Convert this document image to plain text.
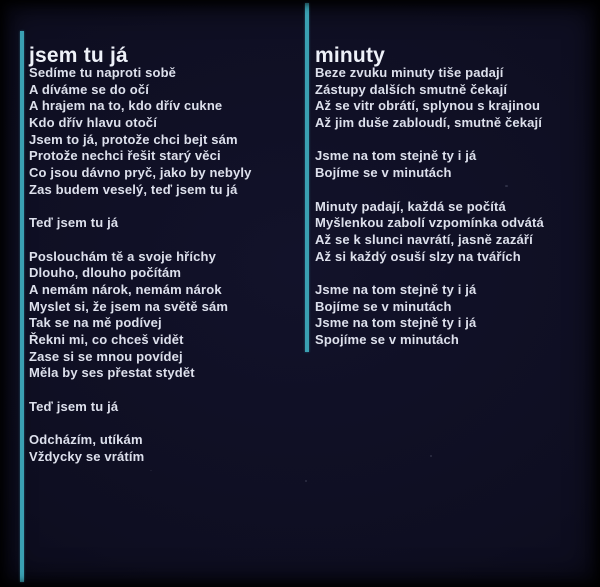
jsem tu já	minuty
Sedíme tu naproti sobě
A díváme se do očí
A hrajem na to, kdo dřív cukne
Kdo dřív hlavu otočí
Jsem to já, protože chci bejt sám
Protože nechci řešit starý věci
Co jsou dávno pryč, jako by nebyly
Zas budem veselý, teď jsem tu já
Teď jsem tu já
Poslouchám tě a svoje hříchy
Dlouho, dlouho počítám
A nemám nárok, nemám nárok
Myslet si, že jsem na světě sám
Tak se na mě podívej
Řekni mi, co chceš vidět
Zase si se mnou povídej
Měla by ses přestat stydět
Teď jsem tu já
Odcházím, utíkám
Vždycky se vrátím
Beze zvuku minuty tiše padají
Zástupy dalších smutně čekají
Až se vitr obrátí, splynou s krajinou
Až jim duše zabloudí, smutně čekají
Jsme na tom stejně ty i já
Bojíme se v minutách
Minuty padají, každá se počítá
Myšlenkou zabolí vzpomínka odvátá
Až se k slunci navrátí, jasně zazáří
Až si každý osuší slzy na tvářích
Jsme na tom stejně ty i já
Bojíme se v minutách
Jsme na tom stejně ty i já
Spojíme se v minutách
